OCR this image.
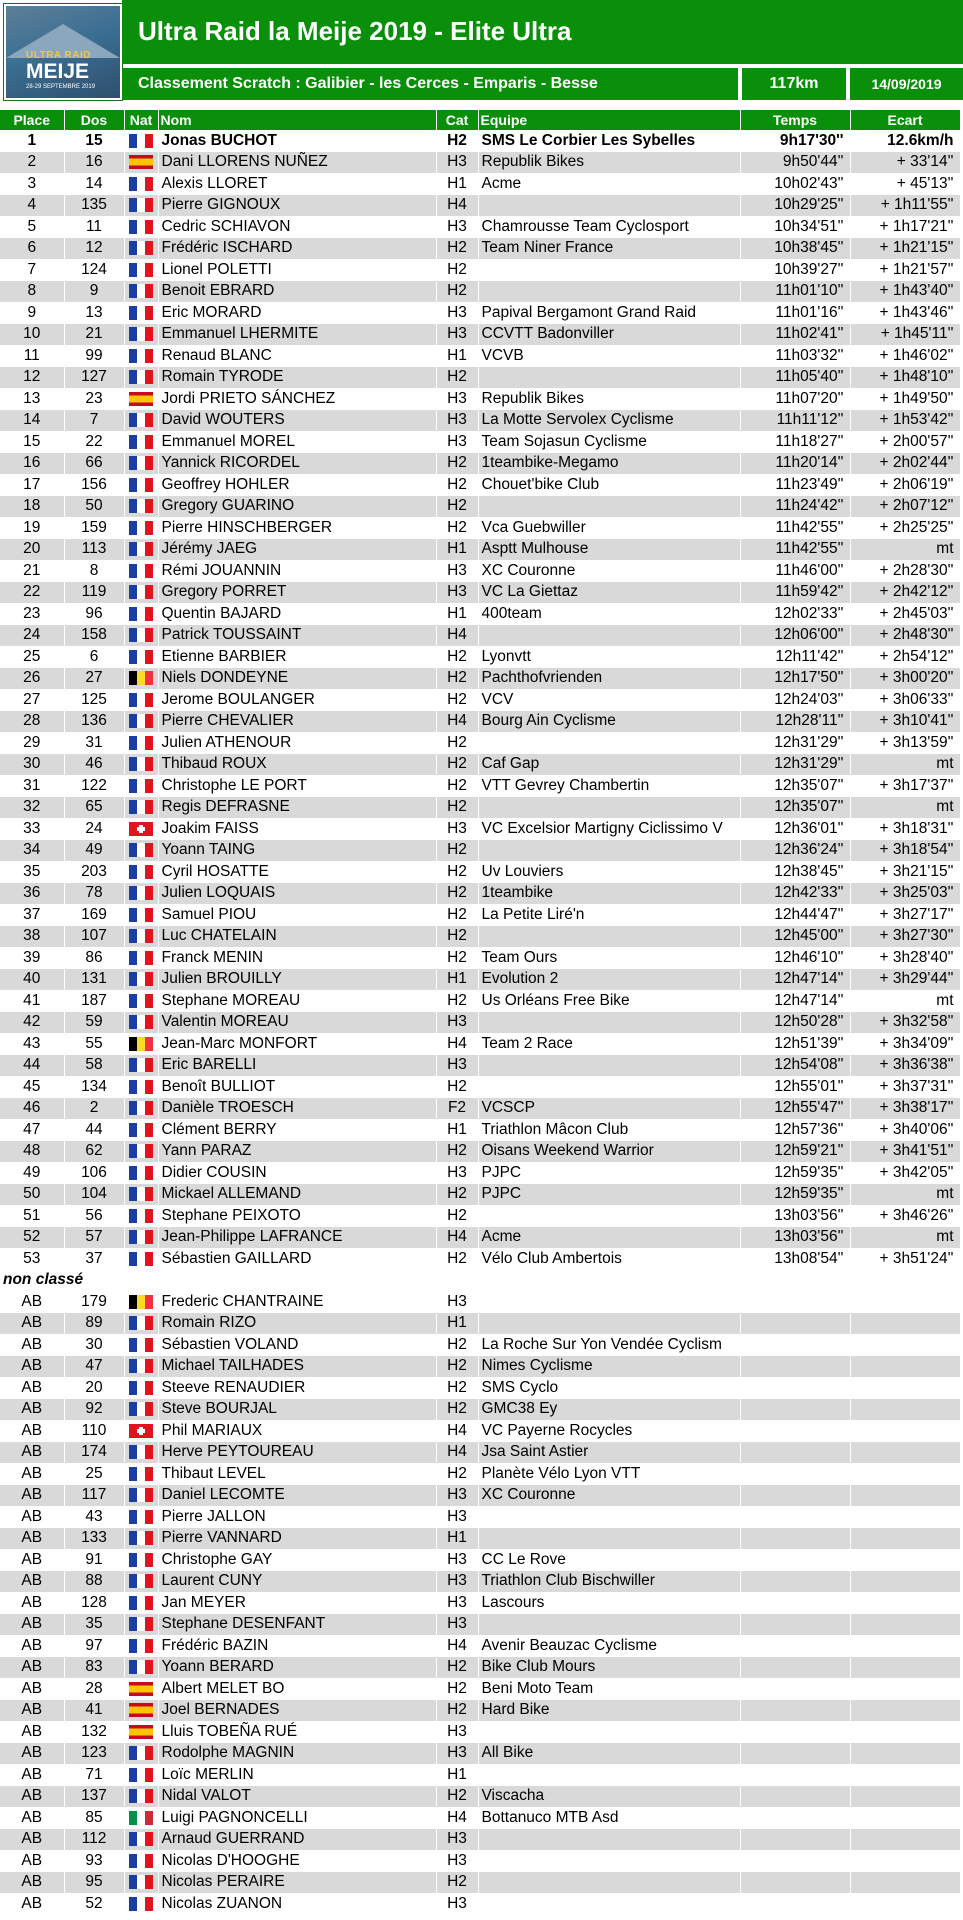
ULTRA RAID
MEIJE
28-29 SEPTEMBRE 2019
Ultra Raid la Meije 2019 - Elite Ultra
Classement Scratch : Galibier - les Cerces - Emparis - Besse	117km	14/09/2019
Place	Dos	Nat	Nom	Cat	Equipe	Temps	Ecart
1	15		Jonas BUCHOT	H2	SMS Le Corbier Les Sybelles	9h17'30''	12.6km/h
2	16		Dani LLORENS NUÑEZ	H3	Republik Bikes	9h50'44''	+ 33'14''
3	14		Alexis LLORET	H1	Acme	10h02'43''	+ 45'13''
4	135		Pierre GIGNOUX	H4		10h29'25''	+ 1h11'55''
5	11		Cedric SCHIAVON	H3	Chamrousse Team Cyclosport	10h34'51''	+ 1h17'21''
6	12		Frédéric ISCHARD	H2	Team Niner France	10h38'45''	+ 1h21'15''
7	124		Lionel POLETTI	H2		10h39'27''	+ 1h21'57''
8	9		Benoit EBRARD	H2		11h01'10''	+ 1h43'40''
9	13		Eric MORARD	H3	Papival Bergamont Grand Raid	11h01'16''	+ 1h43'46''
10	21		Emmanuel LHERMITE	H3	CCVTT Badonviller	11h02'41''	+ 1h45'11''
11	99		Renaud BLANC	H1	VCVB	11h03'32''	+ 1h46'02''
12	127		Romain TYRODE	H2		11h05'40''	+ 1h48'10''
13	23		Jordi PRIETO SÁNCHEZ	H3	Republik Bikes	11h07'20''	+ 1h49'50''
14	7		David WOUTERS	H3	La Motte Servolex Cyclisme	11h11'12''	+ 1h53'42''
15	22		Emmanuel MOREL	H3	Team Sojasun Cyclisme	11h18'27''	+ 2h00'57''
16	66		Yannick RICORDEL	H2	1teambike-Megamo	11h20'14''	+ 2h02'44''
17	156		Geoffrey HOHLER	H2	Chouet'bike Club	11h23'49''	+ 2h06'19''
18	50		Gregory GUARINO	H2		11h24'42''	+ 2h07'12''
19	159		Pierre HINSCHBERGER	H2	Vca Guebwiller	11h42'55''	+ 2h25'25''
20	113		Jérémy JAEG	H1	Asptt Mulhouse	11h42'55''	mt
21	8		Rémi JOUANNIN	H3	XC Couronne	11h46'00''	+ 2h28'30''
22	119		Gregory PORRET	H3	VC La Giettaz	11h59'42''	+ 2h42'12''
23	96		Quentin BAJARD	H1	400team	12h02'33''	+ 2h45'03''
24	158		Patrick TOUSSAINT	H4		12h06'00''	+ 2h48'30''
25	6		Etienne BARBIER	H2	Lyonvtt	12h11'42''	+ 2h54'12''
26	27		Niels DONDEYNE	H2	Pachthofvrienden	12h17'50''	+ 3h00'20''
27	125		Jerome BOULANGER	H2	VCV	12h24'03''	+ 3h06'33''
28	136		Pierre CHEVALIER	H4	Bourg Ain Cyclisme	12h28'11''	+ 3h10'41''
29	31		Julien ATHENOUR	H2		12h31'29''	+ 3h13'59''
30	46		Thibaud ROUX	H2	Caf Gap	12h31'29''	mt
31	122		Christophe LE PORT	H2	VTT Gevrey Chambertin	12h35'07''	+ 3h17'37''
32	65		Regis DEFRASNE	H2		12h35'07''	mt
33	24		Joakim FAISS	H3	VC Excelsior Martigny Ciclissimo V	12h36'01''	+ 3h18'31''
34	49		Yoann TAING	H2		12h36'24''	+ 3h18'54''
35	203		Cyril HOSATTE	H2	Uv Louviers	12h38'45''	+ 3h21'15''
36	78		Julien LOQUAIS	H2	1teambike	12h42'33''	+ 3h25'03''
37	169		Samuel PIOU	H2	La Petite Liré'n	12h44'47''	+ 3h27'17''
38	107		Luc CHATELAIN	H2		12h45'00''	+ 3h27'30''
39	86		Franck MENIN	H2	Team Ours	12h46'10''	+ 3h28'40''
40	131		Julien BROUILLY	H1	Evolution 2	12h47'14''	+ 3h29'44''
41	187		Stephane MOREAU	H2	Us Orléans Free Bike	12h47'14''	mt
42	59		Valentin MOREAU	H3		12h50'28''	+ 3h32'58''
43	55		Jean-Marc MONFORT	H4	Team 2 Race	12h51'39''	+ 3h34'09''
44	58		Eric BARELLI	H3		12h54'08''	+ 3h36'38''
45	134		Benoît BULLIOT	H2		12h55'01''	+ 3h37'31''
46	2		Danièle TROESCH	F2	VCSCP	12h55'47''	+ 3h38'17''
47	44		Clément BERRY	H1	Triathlon Mâcon Club	12h57'36''	+ 3h40'06''
48	62		Yann PARAZ	H2	Oisans Weekend Warrior	12h59'21''	+ 3h41'51''
49	106		Didier COUSIN	H3	PJPC	12h59'35''	+ 3h42'05''
50	104		Mickael ALLEMAND	H2	PJPC	12h59'35''	mt
51	56		Stephane PEIXOTO	H2		13h03'56''	+ 3h46'26''
52	57		Jean-Philippe LAFRANCE	H4	Acme	13h03'56''	mt
53	37		Sébastien GAILLARD	H2	Vélo Club Ambertois	13h08'54''	+ 3h51'24''
non classé							
AB	179		Frederic CHANTRAINE	H3			
AB	89		Romain RIZO	H1			
AB	30		Sébastien VOLAND	H2	La Roche Sur Yon Vendée Cyclism		
AB	47		Michael TAILHADES	H2	Nimes Cyclisme		
AB	20		Steeve RENAUDIER	H2	SMS Cyclo		
AB	92		Steve BOURJAL	H2	GMC38 Ey		
AB	110		Phil MARIAUX	H4	VC Payerne Rocycles		
AB	174		Herve PEYTOUREAU	H4	Jsa Saint Astier		
AB	25		Thibaut LEVEL	H2	Planète Vélo Lyon VTT		
AB	117		Daniel LECOMTE	H3	XC Couronne		
AB	43		Pierre JALLON	H3			
AB	133		Pierre VANNARD	H1			
AB	91		Christophe GAY	H3	CC Le Rove		
AB	88		Laurent CUNY	H3	Triathlon Club Bischwiller		
AB	128		Jan MEYER	H3	Lascours		
AB	35		Stephane DESENFANT	H3			
AB	97		Frédéric BAZIN	H4	Avenir Beauzac Cyclisme		
AB	83		Yoann BERARD	H2	Bike Club Mours		
AB	28		Albert MELET BO	H2	Beni Moto Team		
AB	41		Joel BERNADES	H2	Hard Bike		
AB	132		Lluis TOBEÑA RUÉ	H3			
AB	123		Rodolphe MAGNIN	H3	All Bike		
AB	71		Loïc MERLIN	H1			
AB	137		Nidal VALOT	H2	Viscacha		
AB	85		Luigi PAGNONCELLI	H4	Bottanuco MTB Asd		
AB	112		Arnaud GUERRAND	H3			
AB	93		Nicolas D'HOOGHE	H3			
AB	95		Nicolas PERAIRE	H2			
AB	52		Nicolas ZUANON	H3			
